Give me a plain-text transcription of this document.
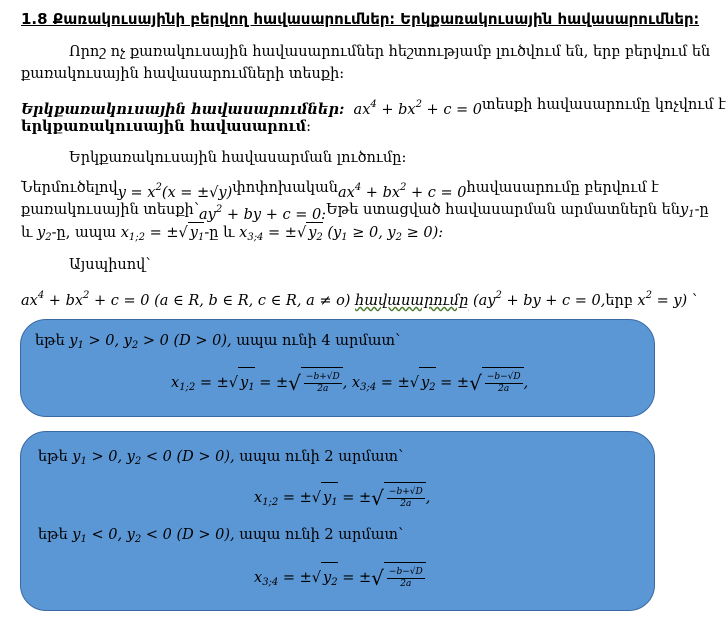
1.8 Քառակուսայինի բերվող հավասարումներ։ Երկքառակուսային հավասարումներ։
Որոշ ոչ քառակուսային հավասարումներ հեշտությամբ լուծվում են, երբ բերվում են
քառակուսային հավասարումների տեսքի։
Երկքառակուսային հավասարումներ:  $ax^4 + bx^2 + c = 0$ տեսքի հավասարումը կոչվում է
երկքառակուսային հավասարում։
Երկքառակուսային հավասարման լուծումը։
Ներմուծելով $y = x^2(x = \pm√y)$ փոփոխական $ax^4 + bx^2 + c = 0$ հավասարումը բերվում է
քառակուսային տեսքի՝ $ay^2$ + by + c = 0։ Եթե ստացված հավասարման արմատներն են $y_1-ը$
և $y_2-ը$, ապա $x_{1;2}$ = ±√ $y_1-ը$ և $x_{3;4}$ = ±√ $y_2$ ($y_1 \ge 0$, $y_2 \ge 0$):
Այսպիսով՝
$ax^4 + bx^2 + c = 0$ (a ∈ R, b ∈ R, c ∈ R, a ≠ o) հավասարումը ($ay^2$ + by + c = 0,երբ $x^2 = y$) ՝
եթե $y_1 > 0$, $y_2 > 0$ (D > 0), ապա ունի 4 արմատ՝
$x_{1;2}$ = ±√ $y_1$ = ±√ $\frac{-b+√D}{2a}$ , $x_{3;4}$ = ±√ $y_2$ = ±√ $\frac{-b-√D}{2a}$ ,
եթե $y_1 > 0$, $y_2 < 0$ (D > 0), ապա ունի 2 արմատ՝
$x_{1;2}$ = ±√ $y_1$ = ±√ $\frac{-b+√D}{2a}$ ,
եթե $y_1 < 0$, $y_2 < 0$ (D > 0), ապա ունի 2 արմատ՝
$x_{3;4}$ = ±√ $y_2$ = ±√ $\frac{-b-√D}{2a}$
